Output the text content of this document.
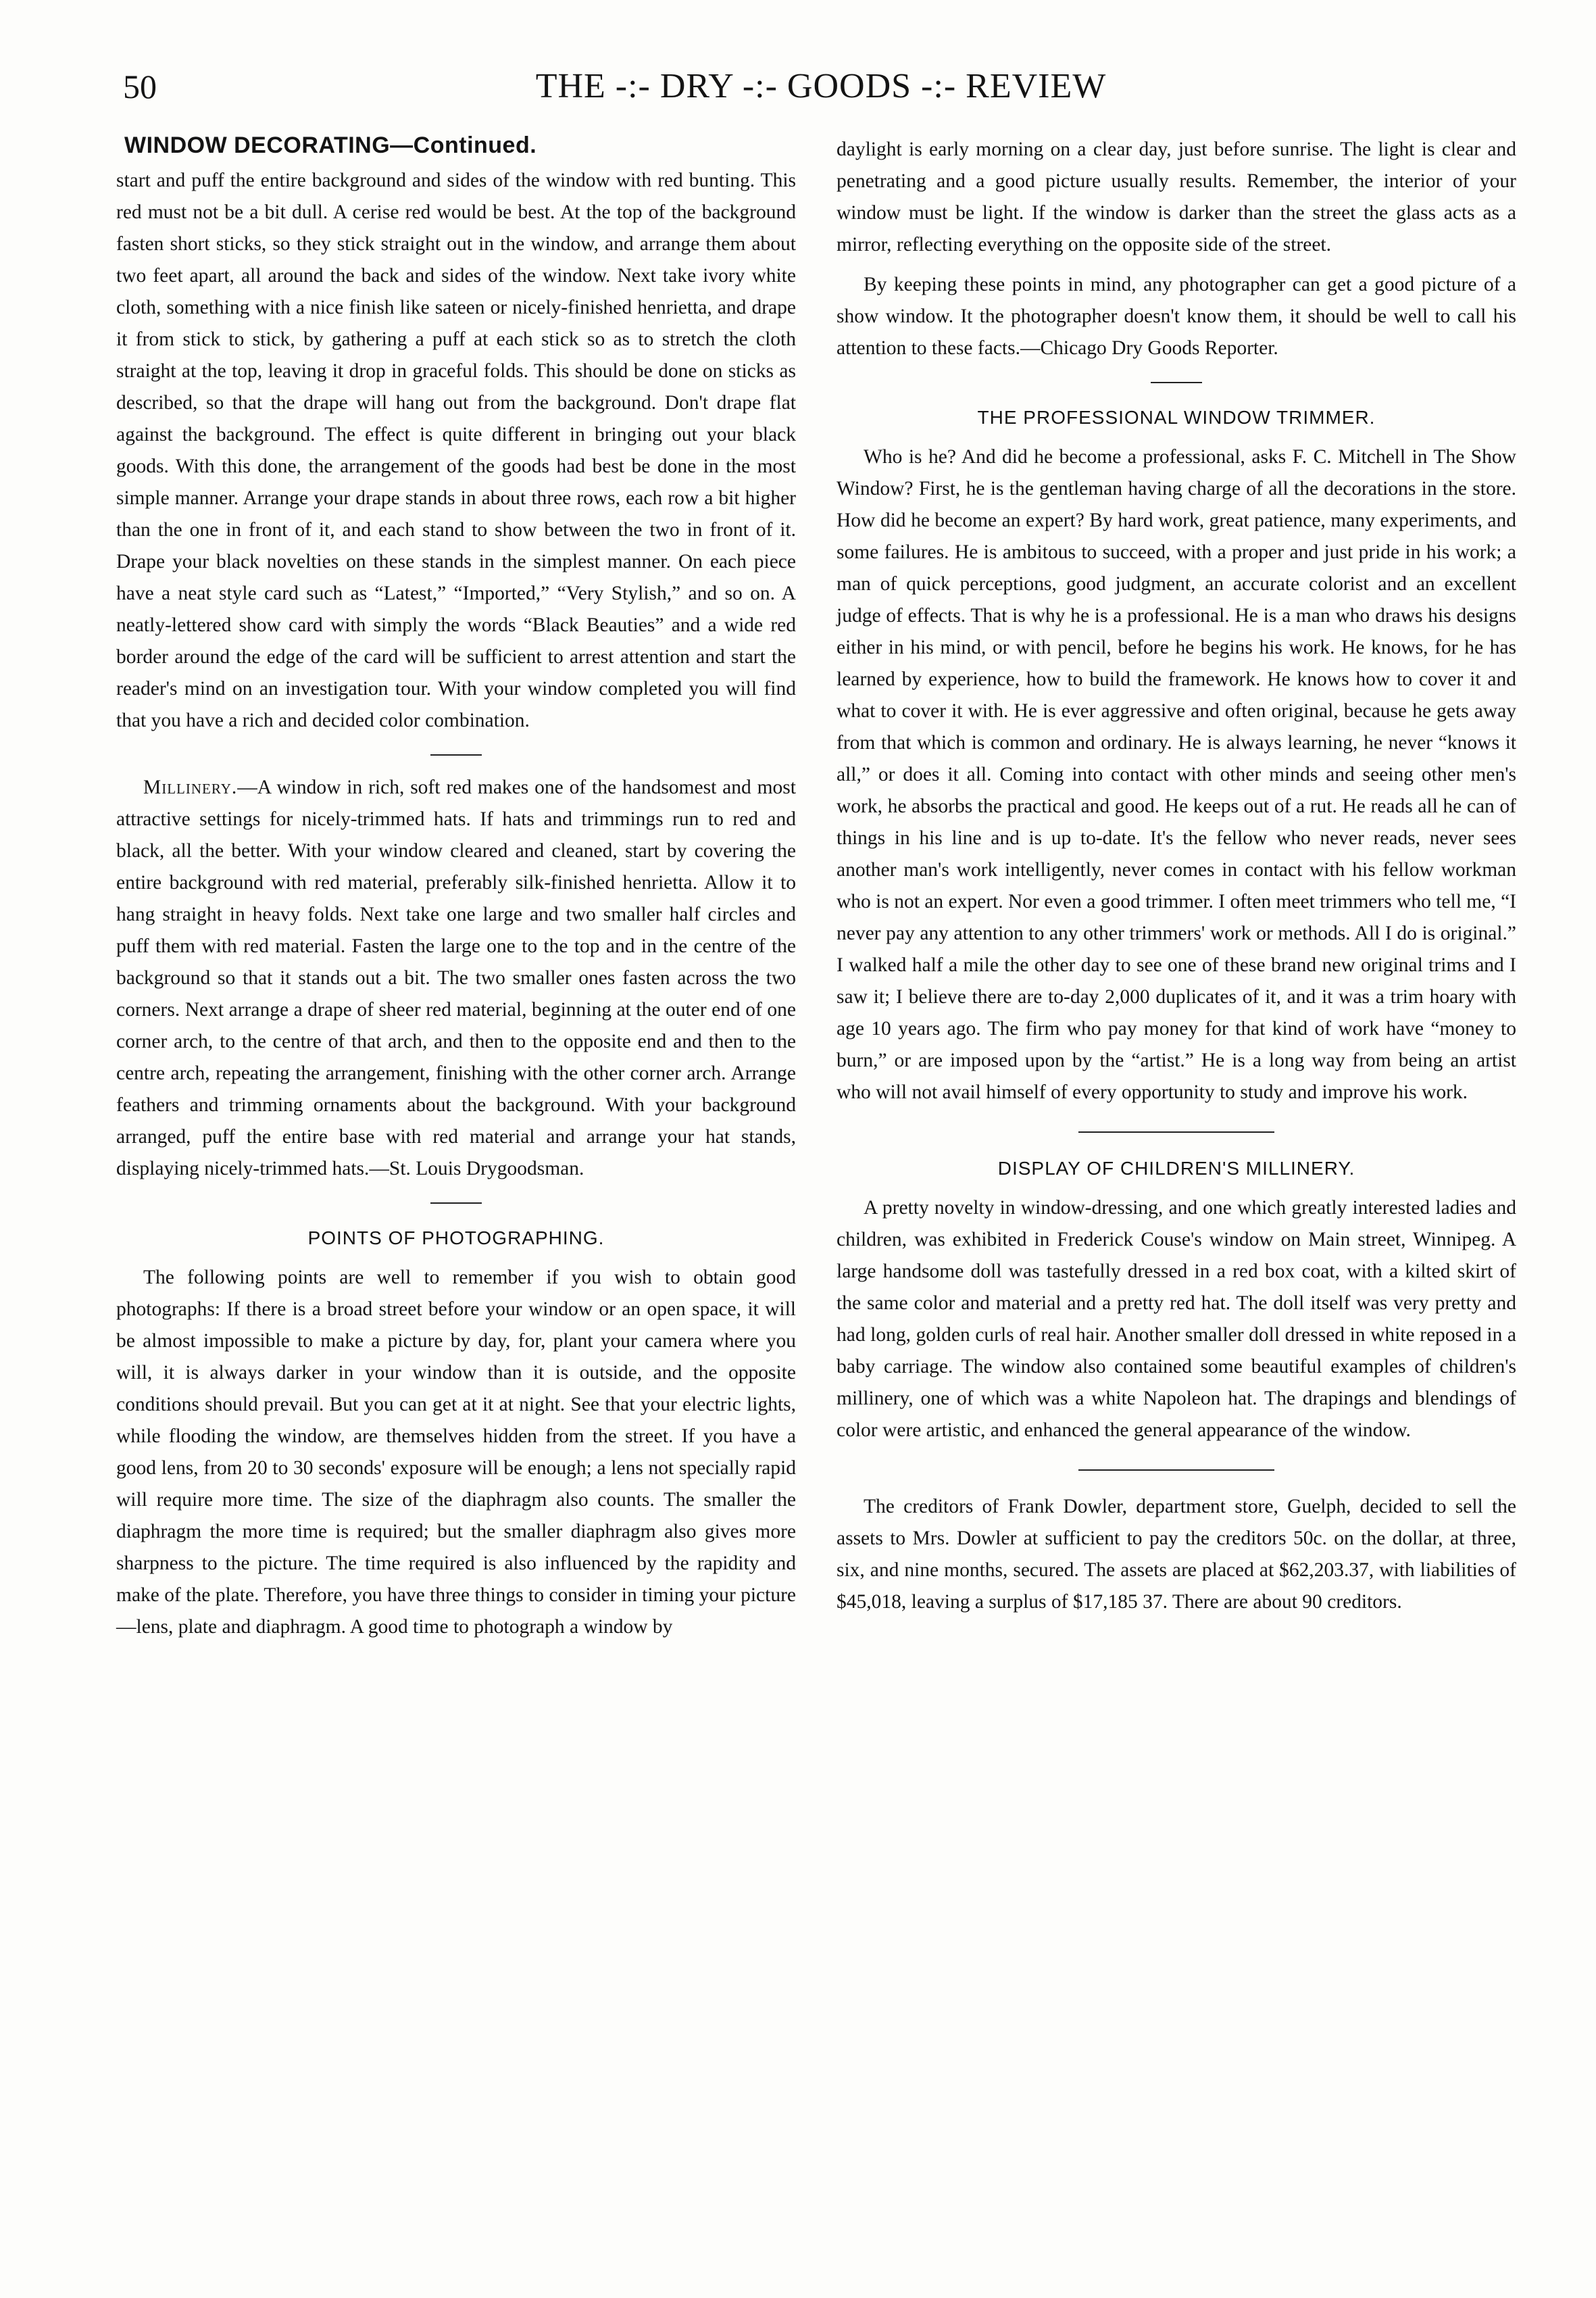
50	THE -:- DRY -:- GOODS -:- REVIEW
WINDOW DECORATING—Continued.

start and puff the entire background and sides of the window with red bunting. This red must not be a bit dull. A cerise red would be best. At the top of the background fasten short sticks, so they stick straight out in the window, and arrange them about two feet apart, all around the back and sides of the window. Next take ivory white cloth, something with a nice finish like sateen or nicely-finished henrietta, and drape it from stick to stick, by gathering a puff at each stick so as to stretch the cloth straight at the top, leaving it drop in graceful folds. This should be done on sticks as described, so that the drape will hang out from the background. Don't drape flat against the background. The effect is quite different in bringing out your black goods. With this done, the arrangement of the goods had best be done in the most simple manner. Arrange your drape stands in about three rows, each row a bit higher than the one in front of it, and each stand to show between the two in front of it. Drape your black novelties on these stands in the simplest manner. On each piece have a neat style card such as “Latest,” “Imported,” “Very Stylish,” and so on. A neatly-lettered show card with simply the words “Black Beauties” and a wide red border around the edge of the card will be sufficient to arrest attention and start the reader's mind on an investigation tour. With your window completed you will find that you have a rich and decided color combination.

Millinery.—A window in rich, soft red makes one of the handsomest and most attractive settings for nicely-trimmed hats. If hats and trimmings run to red and black, all the better. With your window cleared and cleaned, start by covering the entire background with red material, preferably silk-finished henrietta. Allow it to hang straight in heavy folds. Next take one large and two smaller half circles and puff them with red material. Fasten the large one to the top and in the centre of the background so that it stands out a bit. The two smaller ones fasten across the two corners. Next arrange a drape of sheer red material, beginning at the outer end of one corner arch, to the centre of that arch, and then to the opposite end and then to the centre arch, repeating the arrangement, finishing with the other corner arch. Arrange feathers and trimming ornaments about the background. With your background arranged, puff the entire base with red material and arrange your hat stands, displaying nicely-trimmed hats.—St. Louis Drygoodsman.

POINTS OF PHOTOGRAPHING.

The following points are well to remember if you wish to obtain good photographs: If there is a broad street before your window or an open space, it will be almost impossible to make a picture by day, for, plant your camera where you will, it is always darker in your window than it is outside, and the opposite conditions should prevail. But you can get at it at night. See that your electric lights, while flooding the window, are themselves hidden from the street. If you have a good lens, from 20 to 30 seconds' exposure will be enough; a lens not specially rapid will require more time. The size of the diaphragm also counts. The smaller the diaphragm the more time is required; but the smaller diaphragm also gives more sharpness to the picture. The time required is also influenced by the rapidity and make of the plate. Therefore, you have three things to consider in timing your picture—lens, plate and diaphragm. A good time to photograph a window by

daylight is early morning on a clear day, just before sunrise. The light is clear and penetrating and a good picture usually results. Remember, the interior of your window must be light. If the window is darker than the street the glass acts as a mirror, reflecting everything on the opposite side of the street.

By keeping these points in mind, any photographer can get a good picture of a show window. It the photographer doesn't know them, it should be well to call his attention to these facts.—Chicago Dry Goods Reporter.

THE PROFESSIONAL WINDOW TRIMMER.

Who is he? And did he become a professional, asks F. C. Mitchell in The Show Window? First, he is the gentleman having charge of all the decorations in the store. How did he become an expert? By hard work, great patience, many experiments, and some failures. He is ambitous to succeed, with a proper and just pride in his work; a man of quick perceptions, good judgment, an accurate colorist and an excellent judge of effects. That is why he is a professional. He is a man who draws his designs either in his mind, or with pencil, before he begins his work. He knows, for he has learned by experience, how to build the framework. He knows how to cover it and what to cover it with. He is ever aggressive and often original, because he gets away from that which is common and ordinary. He is always learning, he never “knows it all,” or does it all. Coming into contact with other minds and seeing other men's work, he absorbs the practical and good. He keeps out of a rut. He reads all he can of things in his line and is up to-date. It's the fellow who never reads, never sees another man's work intelligently, never comes in contact with his fellow workman who is not an expert. Nor even a good trimmer. I often meet trimmers who tell me, “I never pay any attention to any other trimmers' work or methods. All I do is original.” I walked half a mile the other day to see one of these brand new original trims and I saw it; I believe there are to-day 2,000 duplicates of it, and it was a trim hoary with age 10 years ago. The firm who pay money for that kind of work have “money to burn,” or are imposed upon by the “artist.” He is a long way from being an artist who will not avail himself of every opportunity to study and improve his work.

DISPLAY OF CHILDREN'S MILLINERY.

A pretty novelty in window-dressing, and one which greatly interested ladies and children, was exhibited in Frederick Couse's window on Main street, Winnipeg. A large handsome doll was tastefully dressed in a red box coat, with a kilted skirt of the same color and material and a pretty red hat. The doll itself was very pretty and had long, golden curls of real hair. Another smaller doll dressed in white reposed in a baby carriage. The window also contained some beautiful examples of children's millinery, one of which was a white Napoleon hat. The drapings and blendings of color were artistic, and enhanced the general appearance of the window.

The creditors of Frank Dowler, department store, Guelph, decided to sell the assets to Mrs. Dowler at sufficient to pay the creditors 50c. on the dollar, at three, six, and nine months, secured. The assets are placed at $62,203.37, with liabilities of $45,018, leaving a surplus of $17,185 37. There are about 90 creditors.
